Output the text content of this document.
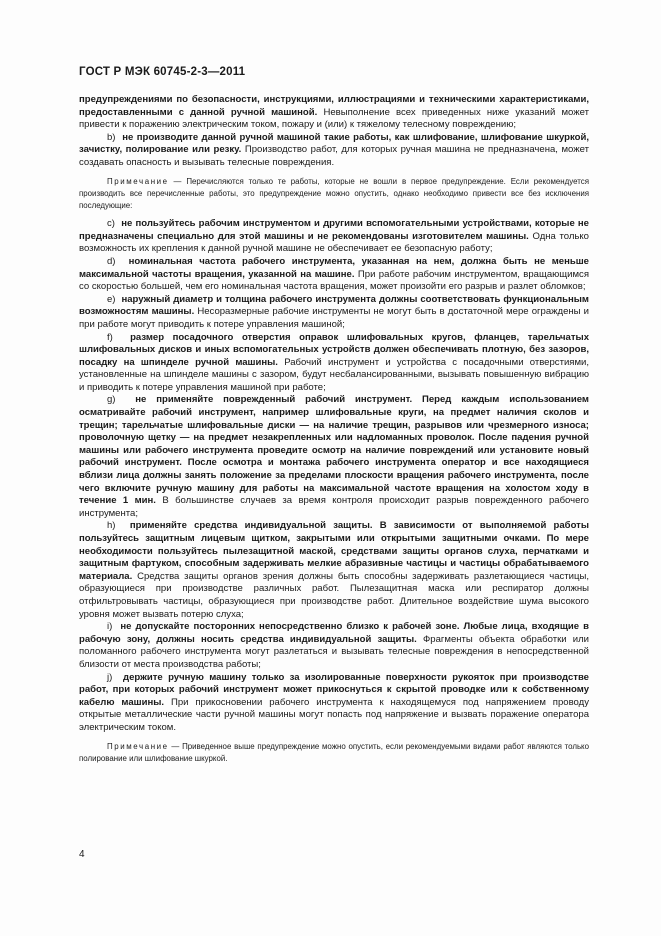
ГОСТ Р МЭК 60745-2-3—2011

предупреждениями по безопасности, инструкциями, иллюстрациями и техническими характеристиками, предоставленными с данной ручной машиной. Невыполнение всех приведенных ниже указаний может привести к поражению электрическим током, пожару и (или) к тяжелому телесному повреждению;

b) не производите данной ручной машиной такие работы, как шлифование, шлифование шкуркой, зачистку, полирование или резку. Производство работ, для которых ручная машина не предназначена, может создавать опасность и вызывать телесные повреждения.

Примечание — Перечисляются только те работы, которые не вошли в первое предупреждение. Если рекомендуется производить все перечисленные работы, это предупреждение можно опустить, однако необходимо привести все без исключения последующие:

c) не пользуйтесь рабочим инструментом и другими вспомогательными устройствами, которые не предназначены специально для этой машины и не рекомендованы изготовителем машины. Одна только возможность их крепления к данной ручной машине не обеспечивает ее безопасную работу;

d) номинальная частота рабочего инструмента, указанная на нем, должна быть не меньше максимальной частоты вращения, указанной на машине. При работе рабочим инструментом, вращающимся со скоростью большей, чем его номинальная частота вращения, может произойти его разрыв и разлет обломков;

e) наружный диаметр и толщина рабочего инструмента должны соответствовать функциональным возможностям машины. Несоразмерные рабочие инструменты не могут быть в достаточной мере ограждены и при работе могут приводить к потере управления машиной;

f) размер посадочного отверстия оправок шлифовальных кругов, фланцев, тарельчатых шлифовальных дисков и иных вспомогательных устройств должен обеспечивать плотную, без зазоров, посадку на шпинделе ручной машины. Рабочий инструмент и устройства с посадочными отверстиями, установленные на шпинделе машины с зазором, будут несбалансированными, вызывать повышенную вибрацию и приводить к потере управления машиной при работе;

g) не применяйте поврежденный рабочий инструмент. Перед каждым использованием осматривайте рабочий инструмент, например шлифовальные круги, на предмет наличия сколов и трещин; тарельчатые шлифовальные диски — на наличие трещин, разрывов или чрезмерного износа; проволочную щетку — на предмет незакрепленных или надломанных проволок. После падения ручной машины или рабочего инструмента проведите осмотр на наличие повреждений или установите новый рабочий инструмент. После осмотра и монтажа рабочего инструмента оператор и все находящиеся вблизи лица должны занять положение за пределами плоскости вращения рабочего инструмента, после чего включите ручную машину для работы на максимальной частоте вращения на холостом ходу в течение 1 мин. В большинстве случаев за время контроля происходит разрыв поврежденного рабочего инструмента;

h) применяйте средства индивидуальной защиты. В зависимости от выполняемой работы пользуйтесь защитным лицевым щитком, закрытыми или открытыми защитными очками. По мере необходимости пользуйтесь пылезащитной маской, средствами защиты органов слуха, перчатками и защитным фартуком, способным задерживать мелкие абразивные частицы и частицы обрабатываемого материала. Средства защиты органов зрения должны быть способны задерживать разлетающиеся частицы, образующиеся при производстве различных работ. Пылезащитная маска или респиратор должны отфильтровывать частицы, образующиеся при производстве работ. Длительное воздействие шума высокого уровня может вызвать потерю слуха;

i) не допускайте посторонних непосредственно близко к рабочей зоне. Любые лица, входящие в рабочую зону, должны носить средства индивидуальной защиты. Фрагменты объекта обработки или поломанного рабочего инструмента могут разлетаться и вызывать телесные повреждения в непосредственной близости от места производства работы;

j) держите ручную машину только за изолированные поверхности рукояток при производстве работ, при которых рабочий инструмент может прикоснуться к скрытой проводке или к собственному кабелю машины. При прикосновении рабочего инструмента к находящемуся под напряжением проводу открытые металлические части ручной машины могут попасть под напряжение и вызвать поражение оператора электрическим током.

Примечание — Приведенное выше предупреждение можно опустить, если рекомендуемыми видами работ являются только полирование или шлифование шкуркой.

4
